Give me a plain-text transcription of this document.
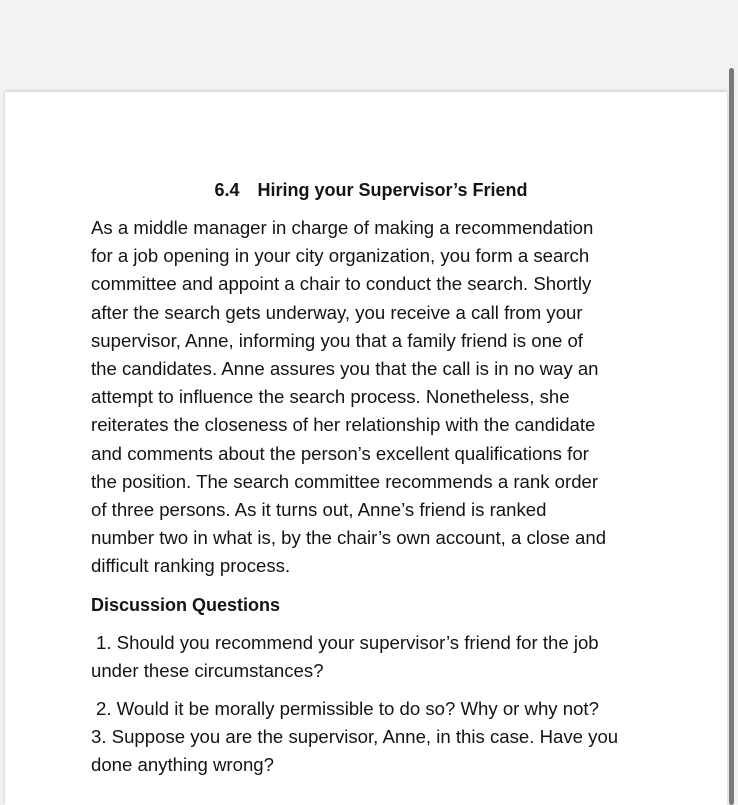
6.4 Hiring your Supervisor’s Friend
As a middle manager in charge of making a recommendation
for a job opening in your city organization, you form a search
committee and appoint a chair to conduct the search. Shortly
after the search gets underway, you receive a call from your
supervisor, Anne, informing you that a family friend is one of
the candidates. Anne assures you that the call is in no way an
attempt to influence the search process. Nonetheless, she
reiterates the closeness of her relationship with the candidate
and comments about the person’s excellent qualifications for
the position. The search committee recommends a rank order
of three persons. As it turns out, Anne’s friend is ranked
number two in what is, by the chair’s own account, a close and
difficult ranking process.
Discussion Questions
1. Should you recommend your supervisor’s friend for the job
under these circumstances?
2. Would it be morally permissible to do so? Why or why not?
3. Suppose you are the supervisor, Anne, in this case. Have you
done anything wrong?
